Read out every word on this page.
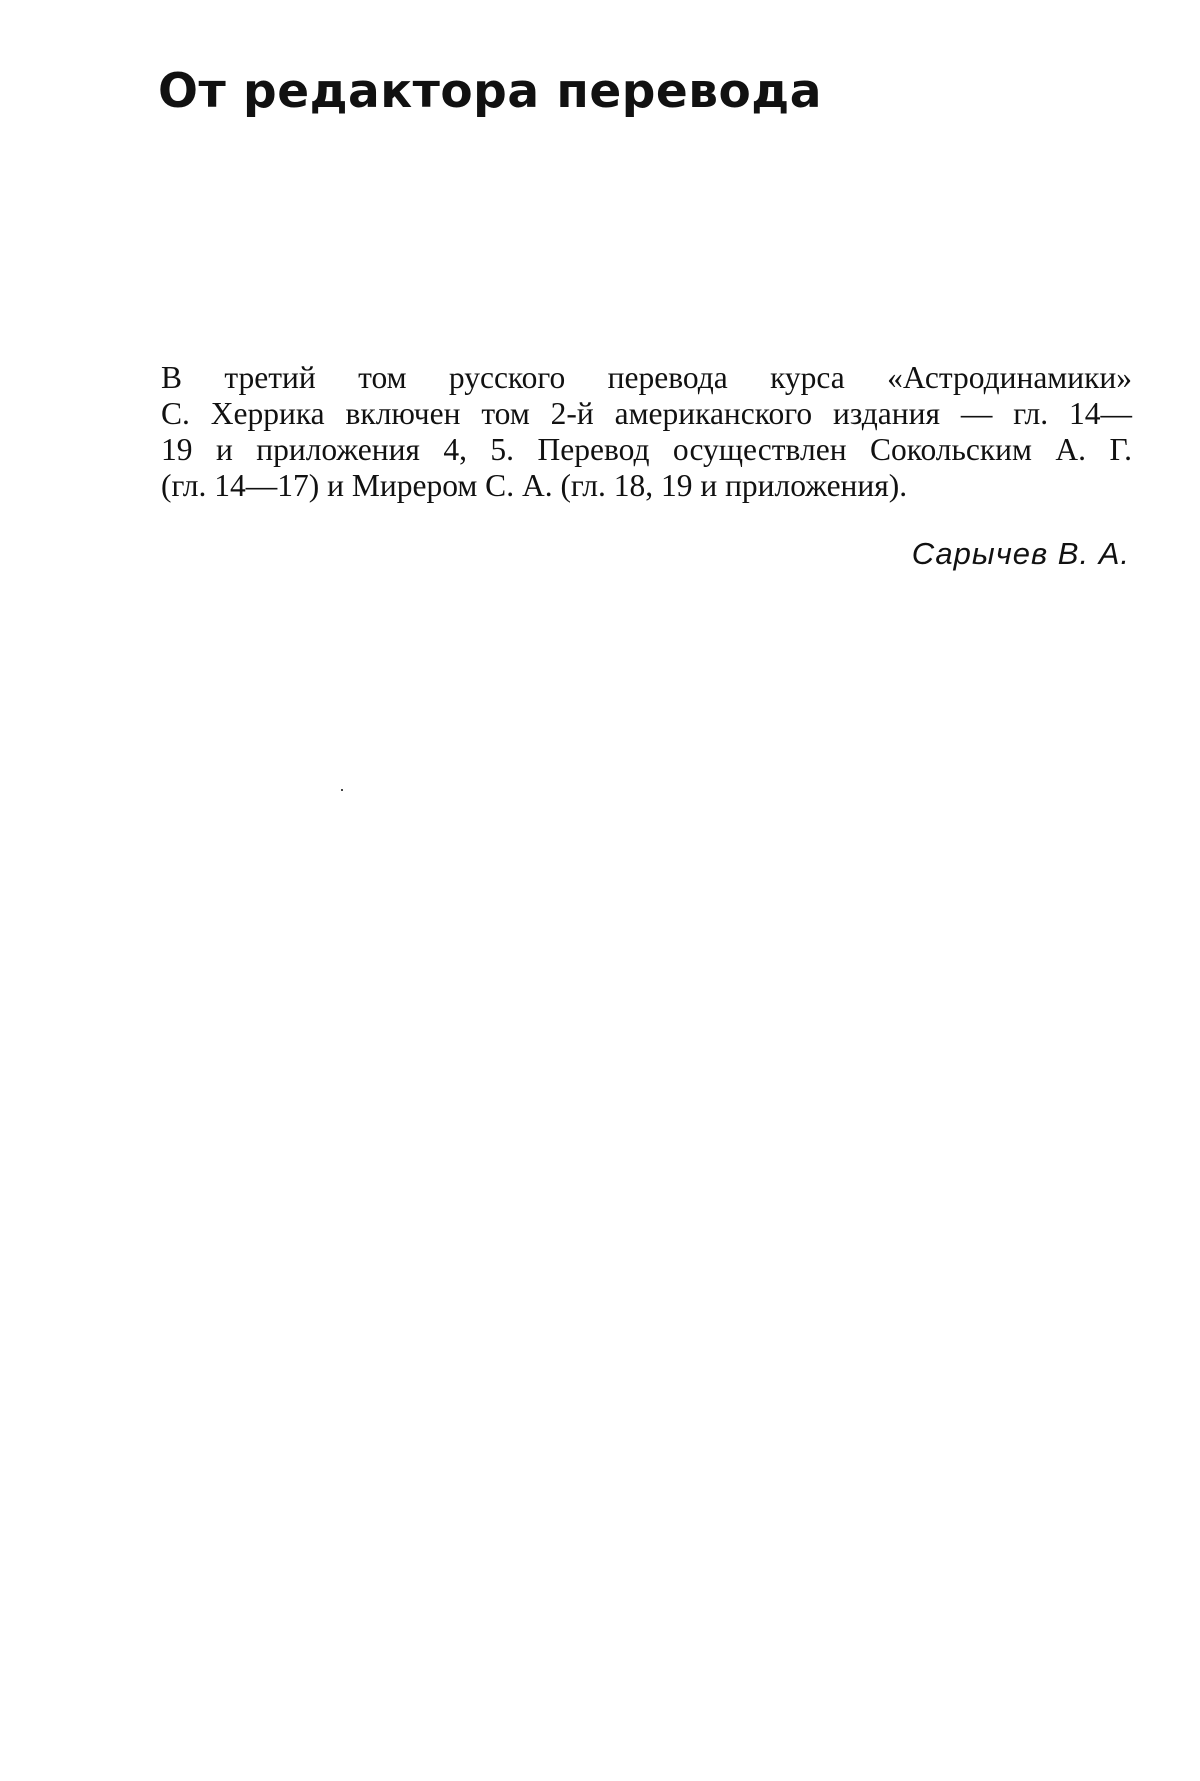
От редактора перевода
В третий том русского перевода курса «Астродинамики»
С. Херрика включен том 2-й американского издания — гл. 14—
19 и приложения 4, 5. Перевод осуществлен Сокольским А. Г.
(гл. 14—17) и Мирером С. А. (гл. 18, 19 и приложения).
Сарычев В. А.
